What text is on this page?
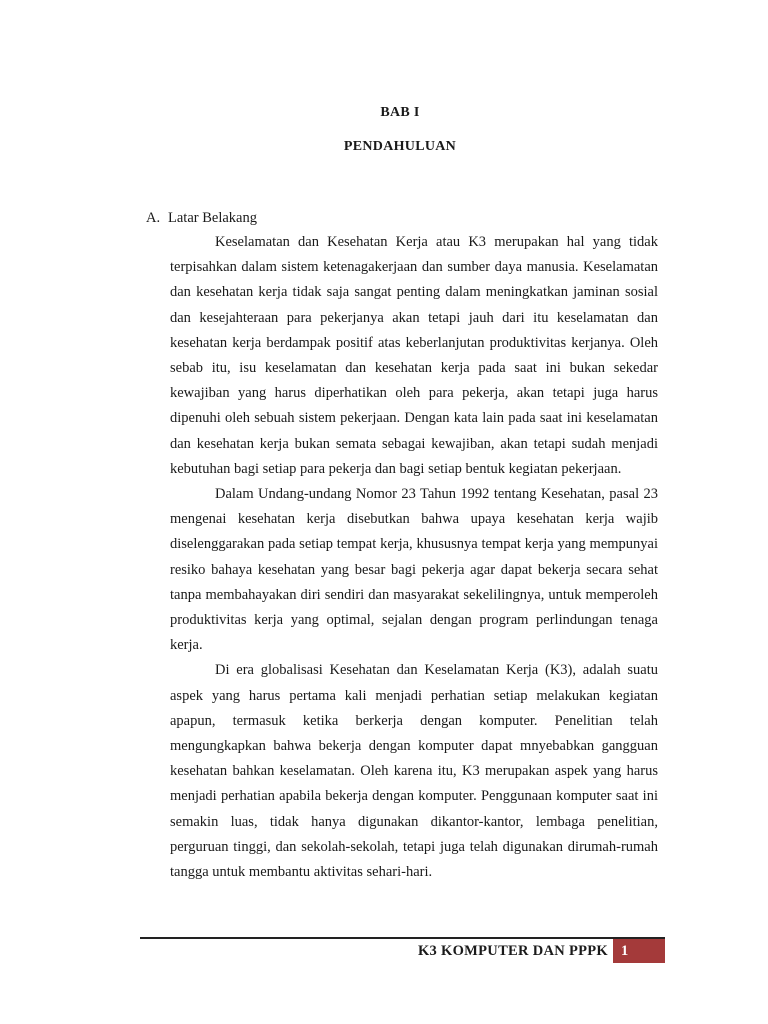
BAB I
PENDAHULUAN
A. Latar Belakang

Keselamatan dan Kesehatan Kerja atau K3 merupakan hal yang tidak terpisahkan dalam sistem ketenagakerjaan dan sumber daya manusia. Keselamatan dan kesehatan kerja tidak saja sangat penting dalam meningkatkan jaminan sosial dan kesejahteraan para pekerjanya akan tetapi jauh dari itu keselamatan dan kesehatan kerja berdampak positif atas keberlanjutan produktivitas kerjanya. Oleh sebab itu, isu keselamatan dan kesehatan kerja pada saat ini bukan sekedar kewajiban yang harus diperhatikan oleh para pekerja, akan tetapi juga harus dipenuhi oleh sebuah sistem pekerjaan. Dengan kata lain pada saat ini keselamatan dan kesehatan kerja bukan semata sebagai kewajiban, akan tetapi sudah menjadi kebutuhan bagi setiap para pekerja dan bagi setiap bentuk kegiatan pekerjaan.

Dalam Undang-undang Nomor 23 Tahun 1992 tentang Kesehatan, pasal 23 mengenai kesehatan kerja disebutkan bahwa upaya kesehatan kerja wajib diselenggarakan pada setiap tempat kerja, khususnya tempat kerja yang mempunyai resiko bahaya kesehatan yang besar bagi pekerja agar dapat bekerja secara sehat tanpa membahayakan diri sendiri dan masyarakat sekelilingnya, untuk memperoleh produktivitas kerja yang optimal, sejalan dengan program perlindungan tenaga kerja.

Di era globalisasi Kesehatan dan Keselamatan Kerja (K3), adalah suatu aspek yang harus pertama kali menjadi perhatian setiap melakukan kegiatan apapun, termasuk ketika berkerja dengan komputer. Penelitian telah mengungkapkan bahwa bekerja dengan komputer dapat mnyebabkan gangguan kesehatan bahkan keselamatan. Oleh karena itu, K3 merupakan aspek yang harus menjadi perhatian apabila bekerja dengan komputer. Penggunaan komputer saat ini semakin luas, tidak hanya digunakan dikantor-kantor, lembaga penelitian, perguruan tinggi, dan sekolah-sekolah, tetapi juga telah digunakan dirumah-rumah tangga untuk membantu aktivitas sehari-hari.

K3 KOMPUTER DAN PPPK 1
